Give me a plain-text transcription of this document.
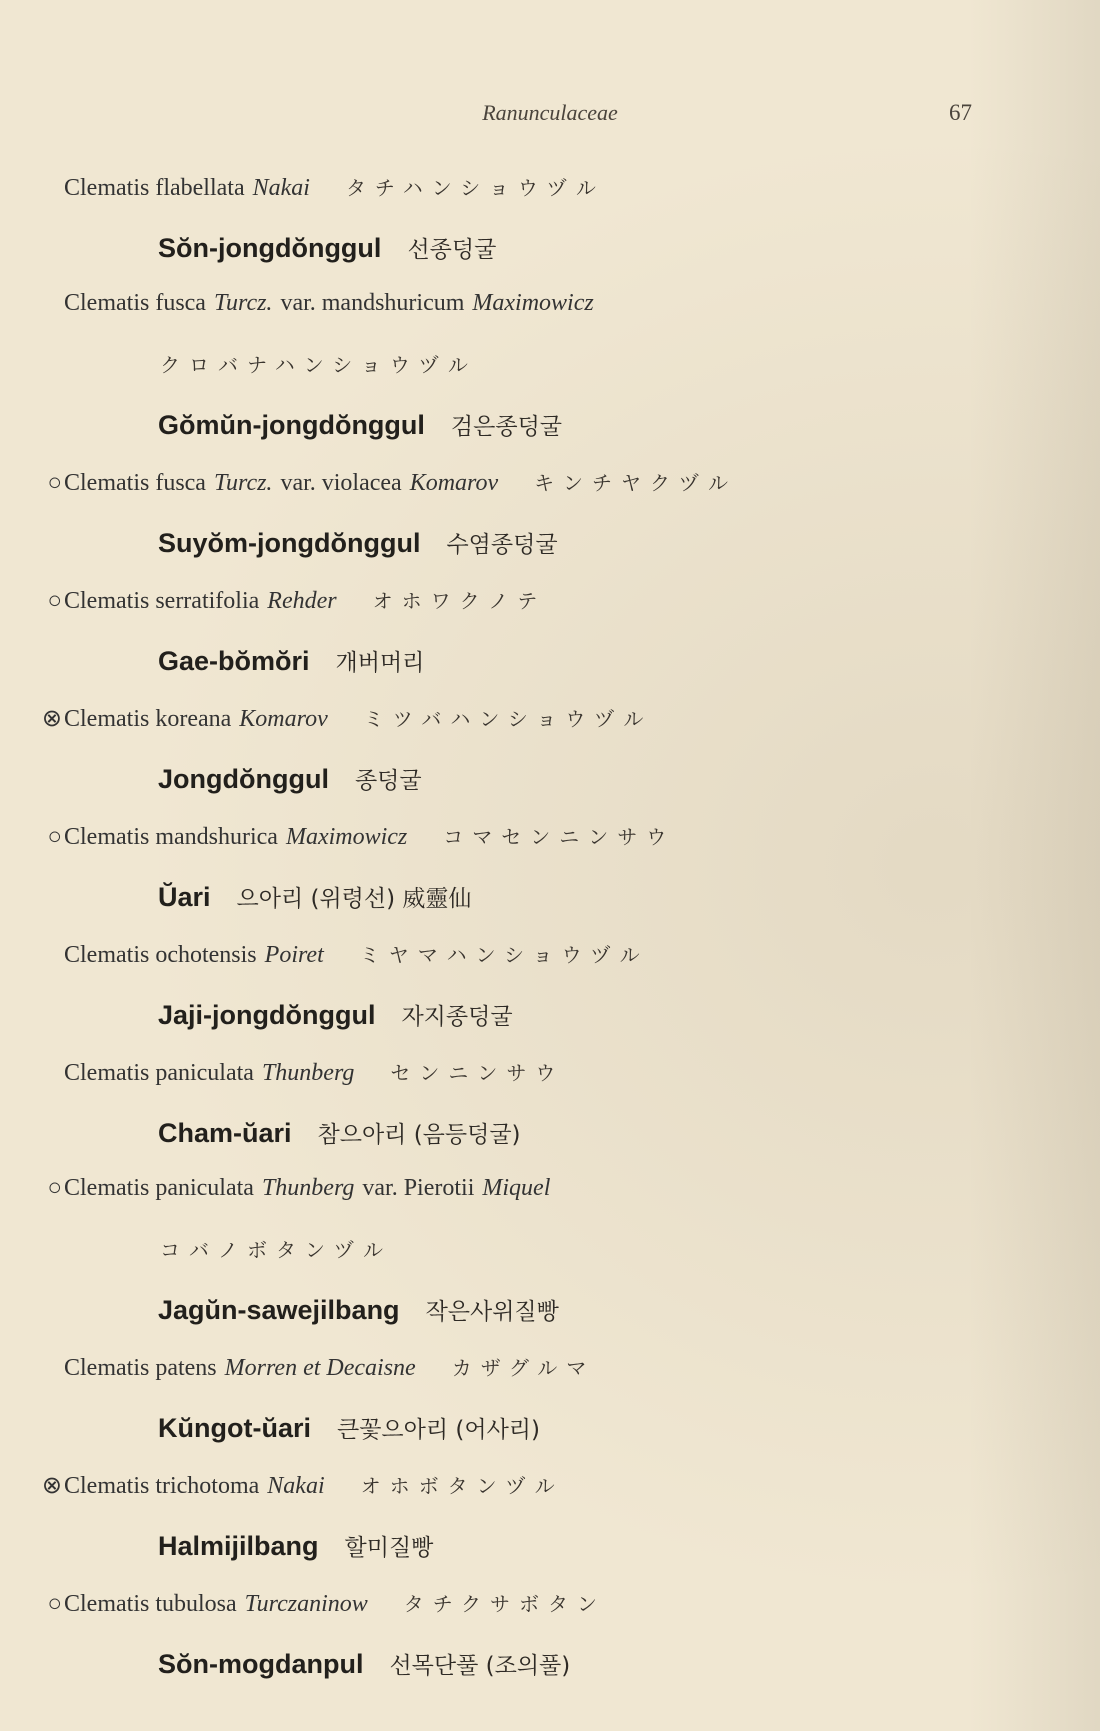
Ranunculaceae	67
Clematis flabellata Nakai タチハンショウヅル
Sŏn-jongdŏnggul 선종덩굴
Clematis fusca Turcz. var. mandshuricum Maximowicz
クロバナハンショウヅル
Gŏmŭn-jongdŏnggul 검은종덩굴
○ Clematis fusca Turcz. var. violacea Komarov キンチヤクヅル
Suyŏm-jongdŏnggul 수염종덩굴
○ Clematis serratifolia Rehder オホワクノテ
Gae-bŏmŏri 개버머리
⊗ Clematis koreana Komarov ミツバハンショウヅル
Jongdŏnggul 종덩굴
○ Clematis mandshurica Maximowicz コマセンニンサウ
Ŭari 으아리 (위령선) 威靈仙
Clematis ochotensis Poiret ミヤマハンショウヅル
Jaji-jongdŏnggul 자지종덩굴
Clematis paniculata Thunberg センニンサウ
Cham-ŭari 참으아리 (음등덩굴)
○ Clematis paniculata Thunberg var. Pierotii Miquel
コバノボタンヅル
Jagŭn-sawejilbang 작은사위질빵
Clematis patens Morren et Decaisne カザグルマ
Kŭngot-ŭari 큰꽃으아리 (어사리)
⊗ Clematis trichotoma Nakai オホボタンヅル
Halmijilbang 할미질빵
○ Clematis tubulosa Turczaninow タチクサボタン
Sŏn-mogdanpul 선목단풀 (조의풀)
